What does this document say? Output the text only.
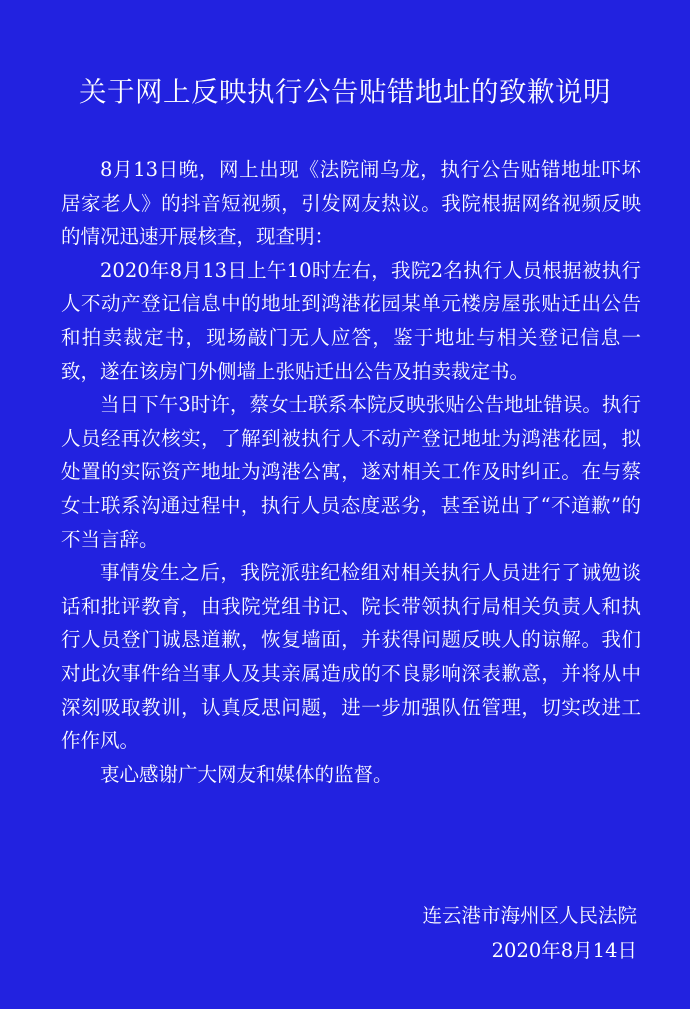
关于网上反映执行公告贴错地址的致歉说明

8月13日晚，网上出现《法院闹乌龙，执行公告贴错地址吓坏居家老人》的抖音短视频，引发网友热议。我院根据网络视频反映的情况迅速开展核查，现查明：

2020年8月13日上午10时左右，我院2名执行人员根据被执行人不动产登记信息中的地址到鸿港花园某单元楼房屋张贴迁出公告和拍卖裁定书，现场敲门无人应答，鉴于地址与相关登记信息一致，遂在该房门外侧墙上张贴迁出公告及拍卖裁定书。

当日下午3时许，蔡女士联系本院反映张贴公告地址错误。执行人员经再次核实，了解到被执行人不动产登记地址为鸿港花园，拟处置的实际资产地址为鸿港公寓，遂对相关工作及时纠正。在与蔡女士联系沟通过程中，执行人员态度恶劣，甚至说出了“不道歉”的不当言辞。

事情发生之后，我院派驻纪检组对相关执行人员进行了诫勉谈话和批评教育，由我院党组书记、院长带领执行局相关负责人和执行人员登门诚恳道歉，恢复墙面，并获得问题反映人的谅解。我们对此次事件给当事人及其亲属造成的不良影响深表歉意，并将从中深刻吸取教训，认真反思问题，进一步加强队伍管理，切实改进工作作风。

衷心感谢广大网友和媒体的监督。

连云港市海州区人民法院
2020年8月14日
